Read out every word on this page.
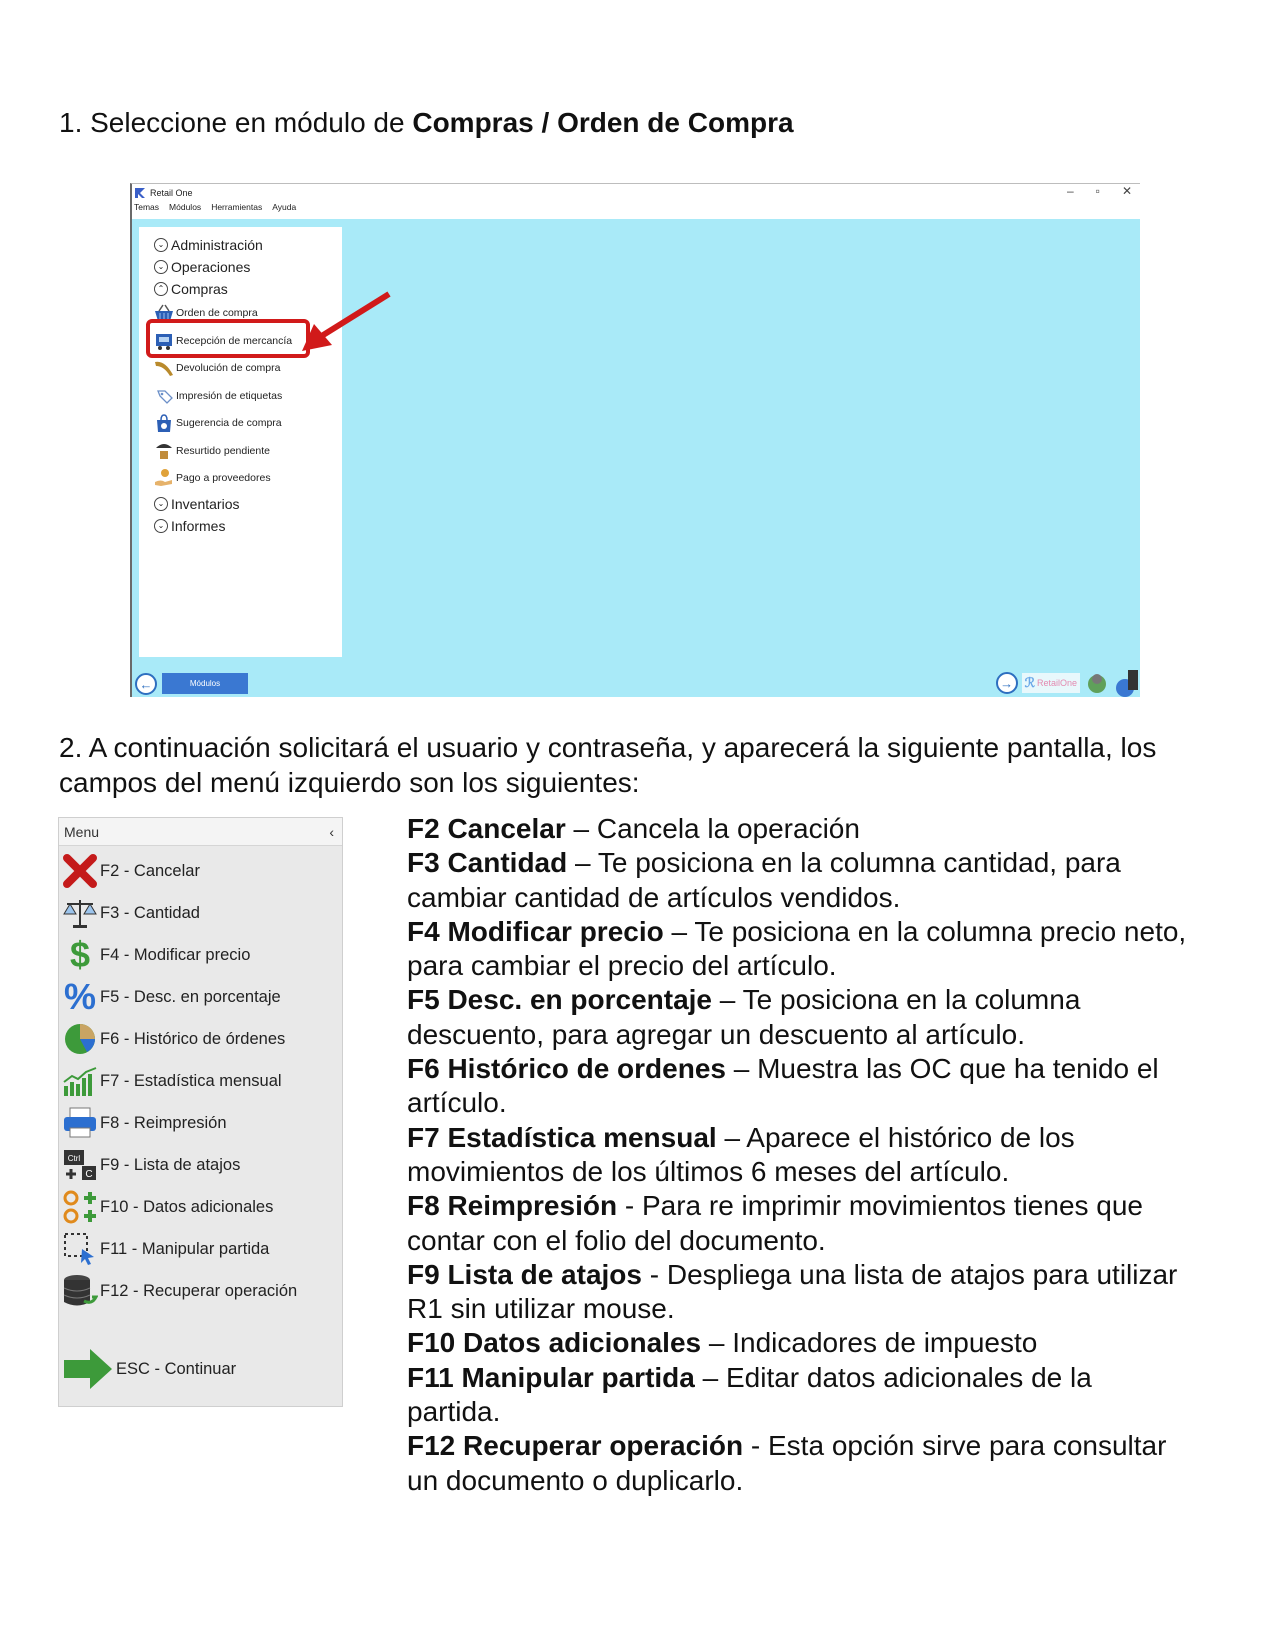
1. Seleccione en módulo de Compras / Orden de Compra
Retail One	– ▫ ✕
Temas Módulos Herramientas Ayuda
⌄ Administración
⌄ Operaciones
⌃ Compras
Orden de compra
Recepción de mercancía
Devolución de compra
Impresión de etiquetas
Sugerencia de compra
Resurtido pendiente
Pago a proveedores
⌄ Inventarios
⌄ Informes
←	Módulos	→ ℛ RetailOne
2. A continuación solicitará el usuario y contraseña, y aparecerá la siguiente pantalla, los campos del menú izquierdo son los siguientes:
Menu	‹
F2 - Cancelar
F3 - Cantidad
$ F4 - Modificar precio
% F5 - Desc. en porcentaje
F6 - Histórico de órdenes
F7 - Estadística mensual
F8 - Reimpresión
Ctrl
C
F9 - Lista de atajos
F10 - Datos adicionales
F11 - Manipular partida
F12 - Recuperar operación
ESC - Continuar

F2 Cancelar – Cancela la operación

F3 Cantidad – Te posiciona en la columna cantidad, para cambiar cantidad de artículos vendidos.

F4 Modificar precio – Te posiciona en la columna precio neto, para cambiar el precio del artículo.

F5 Desc. en porcentaje – Te posiciona en la columna descuento, para agregar un descuento al artículo.

F6 Histórico de ordenes – Muestra las OC que ha tenido el artículo.

F7 Estadística mensual – Aparece el histórico de los movimientos de los últimos 6 meses del artículo.

F8 Reimpresión - Para re imprimir movimientos tienes que contar con el folio del documento.

F9 Lista de atajos - Despliega una lista de atajos para utilizar R1 sin utilizar mouse.

F10 Datos adicionales – Indicadores de impuesto

F11 Manipular partida – Editar datos adicionales de la partida.

F12 Recuperar operación - Esta opción sirve para consultar un documento o duplicarlo.
